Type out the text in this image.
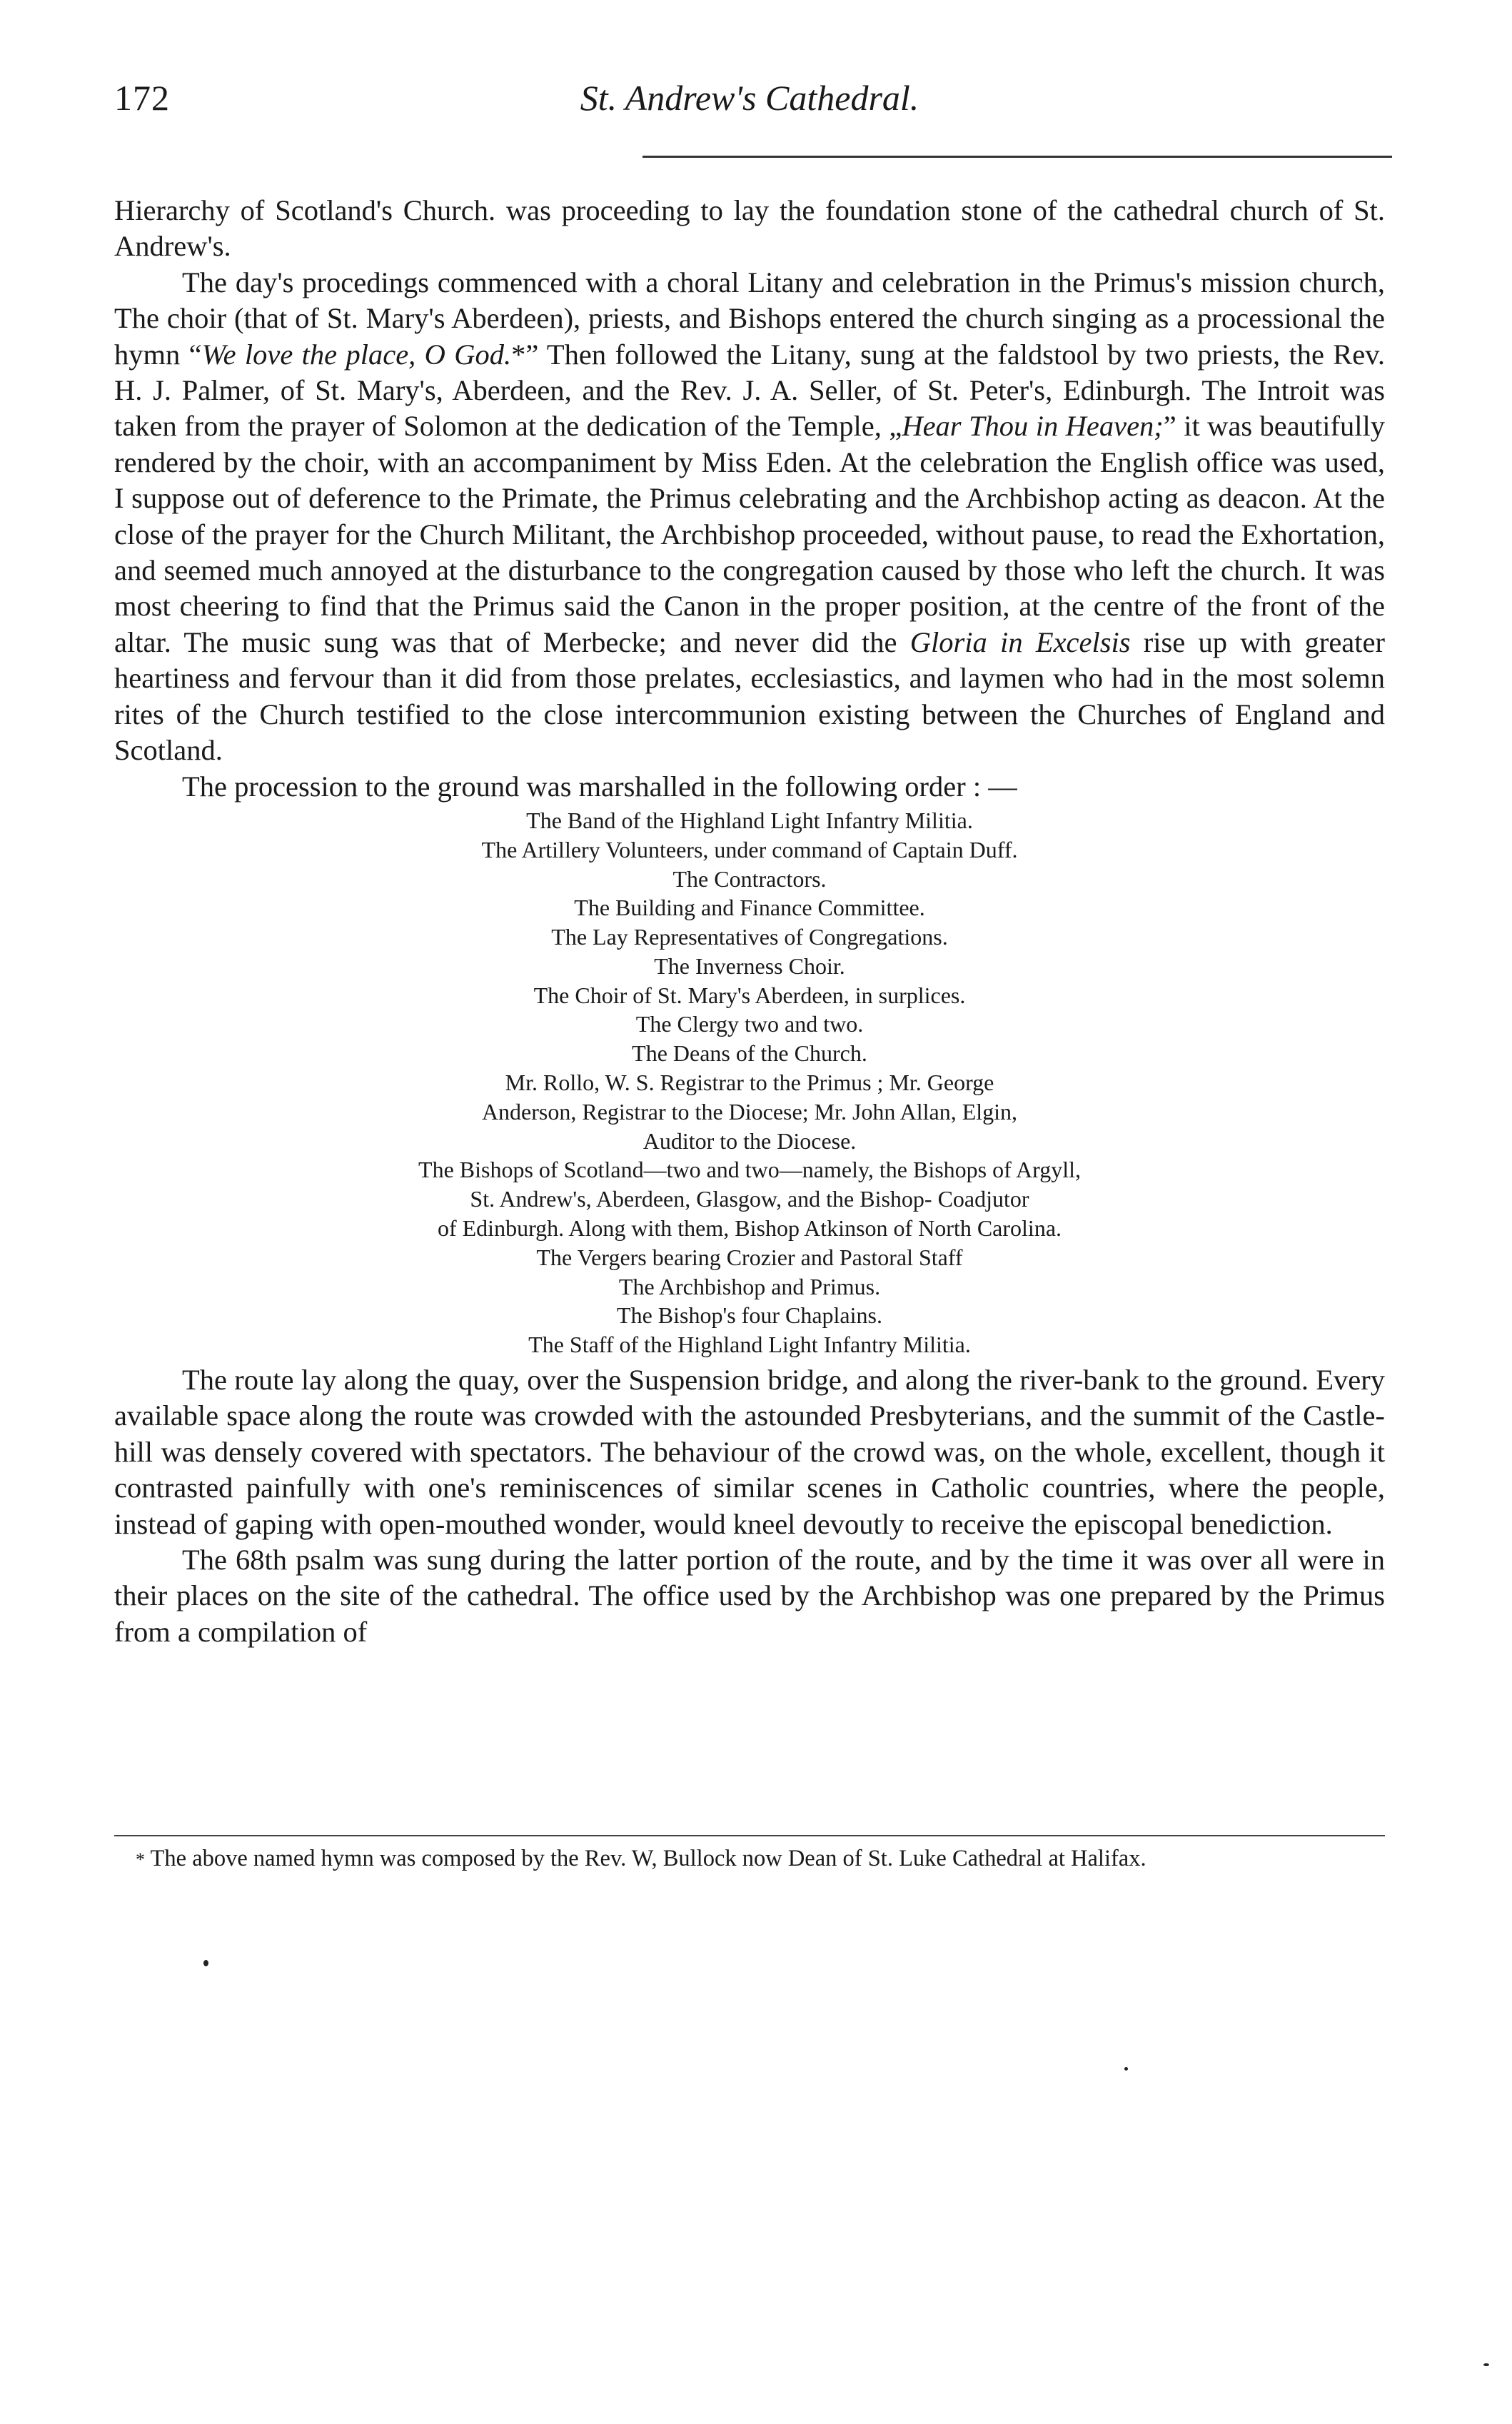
172	St. Andrew's Cathedral.

Hierarchy of Scotland's Church. was proceeding to lay the foundation stone of the cathedral church of St. Andrew's.

The day's procedings commenced with a choral Litany and celebration in the Primus's mission church, The choir (that of St. Mary's Aberdeen), priests, and Bishops entered the church singing as a processional the hymn “We love the place, O God.*” Then followed the Litany, sung at the faldstool by two priests, the Rev. H. J. Palmer, of St. Mary's, Aberdeen, and the Rev. J. A. Seller, of St. Peter's, Edinburgh. The Introit was taken from the prayer of Solomon at the dedication of the Temple, „Hear Thou in Heaven;” it was beautifully rendered by the choir, with an accompaniment by Miss Eden. At the celebration the English office was used, I suppose out of deference to the Primate, the Primus celebrating and the Archbishop acting as deacon. At the close of the prayer for the Church Militant, the Archbishop proceeded, without pause, to read the Exhortation, and seemed much annoyed at the disturbance to the congregation caused by those who left the church. It was most cheering to find that the Primus said the Canon in the proper position, at the centre of the front of the altar. The music sung was that of Merbecke; and never did the Gloria in Excelsis rise up with greater heartiness and fervour than it did from those prelates, ecclesiastics, and laymen who had in the most solemn rites of the Church testified to the close intercommunion existing between the Churches of England and Scotland.

The procession to the ground was marshalled in the following order : —

The Band of the Highland Light Infantry Militia.

The Artillery Volunteers, under command of Captain Duff.

The Contractors.

The Building and Finance Committee.

The Lay Representatives of Congregations.

The Inverness Choir.

The Choir of St. Mary's Aberdeen, in surplices.

The Clergy two and two.

The Deans of the Church.

Mr. Rollo, W. S. Registrar to the Primus ; Mr. George

Anderson, Registrar to the Diocese; Mr. John Allan, Elgin,

Auditor to the Diocese.

The Bishops of Scotland—two and two—namely, the Bishops of Argyll,

St. Andrew's, Aberdeen, Glasgow, and the Bishop- Coadjutor

of Edinburgh. Along with them, Bishop Atkinson of North Carolina.

The Vergers bearing Crozier and Pastoral Staff

The Archbishop and Primus.

The Bishop's four Chaplains.

The Staff of the Highland Light Infantry Militia.

The route lay along the quay, over the Suspension bridge, and along the river-bank to the ground. Every available space along the route was crowded with the astounded Presbyterians, and the summit of the Castle-hill was densely covered with spectators. The behaviour of the crowd was, on the whole, excellent, though it contrasted painfully with one's reminiscences of similar scenes in Catholic countries, where the people, instead of gaping with open-mouthed wonder, would kneel devoutly to receive the episcopal benediction.

The 68th psalm was sung during the latter portion of the route, and by the time it was over all were in their places on the site of the cathedral. The office used by the Archbishop was one prepared by the Primus from a compilation of

* The above named hymn was composed by the Rev. W, Bullock now Dean of St. Luke Cathedral at Halifax.
